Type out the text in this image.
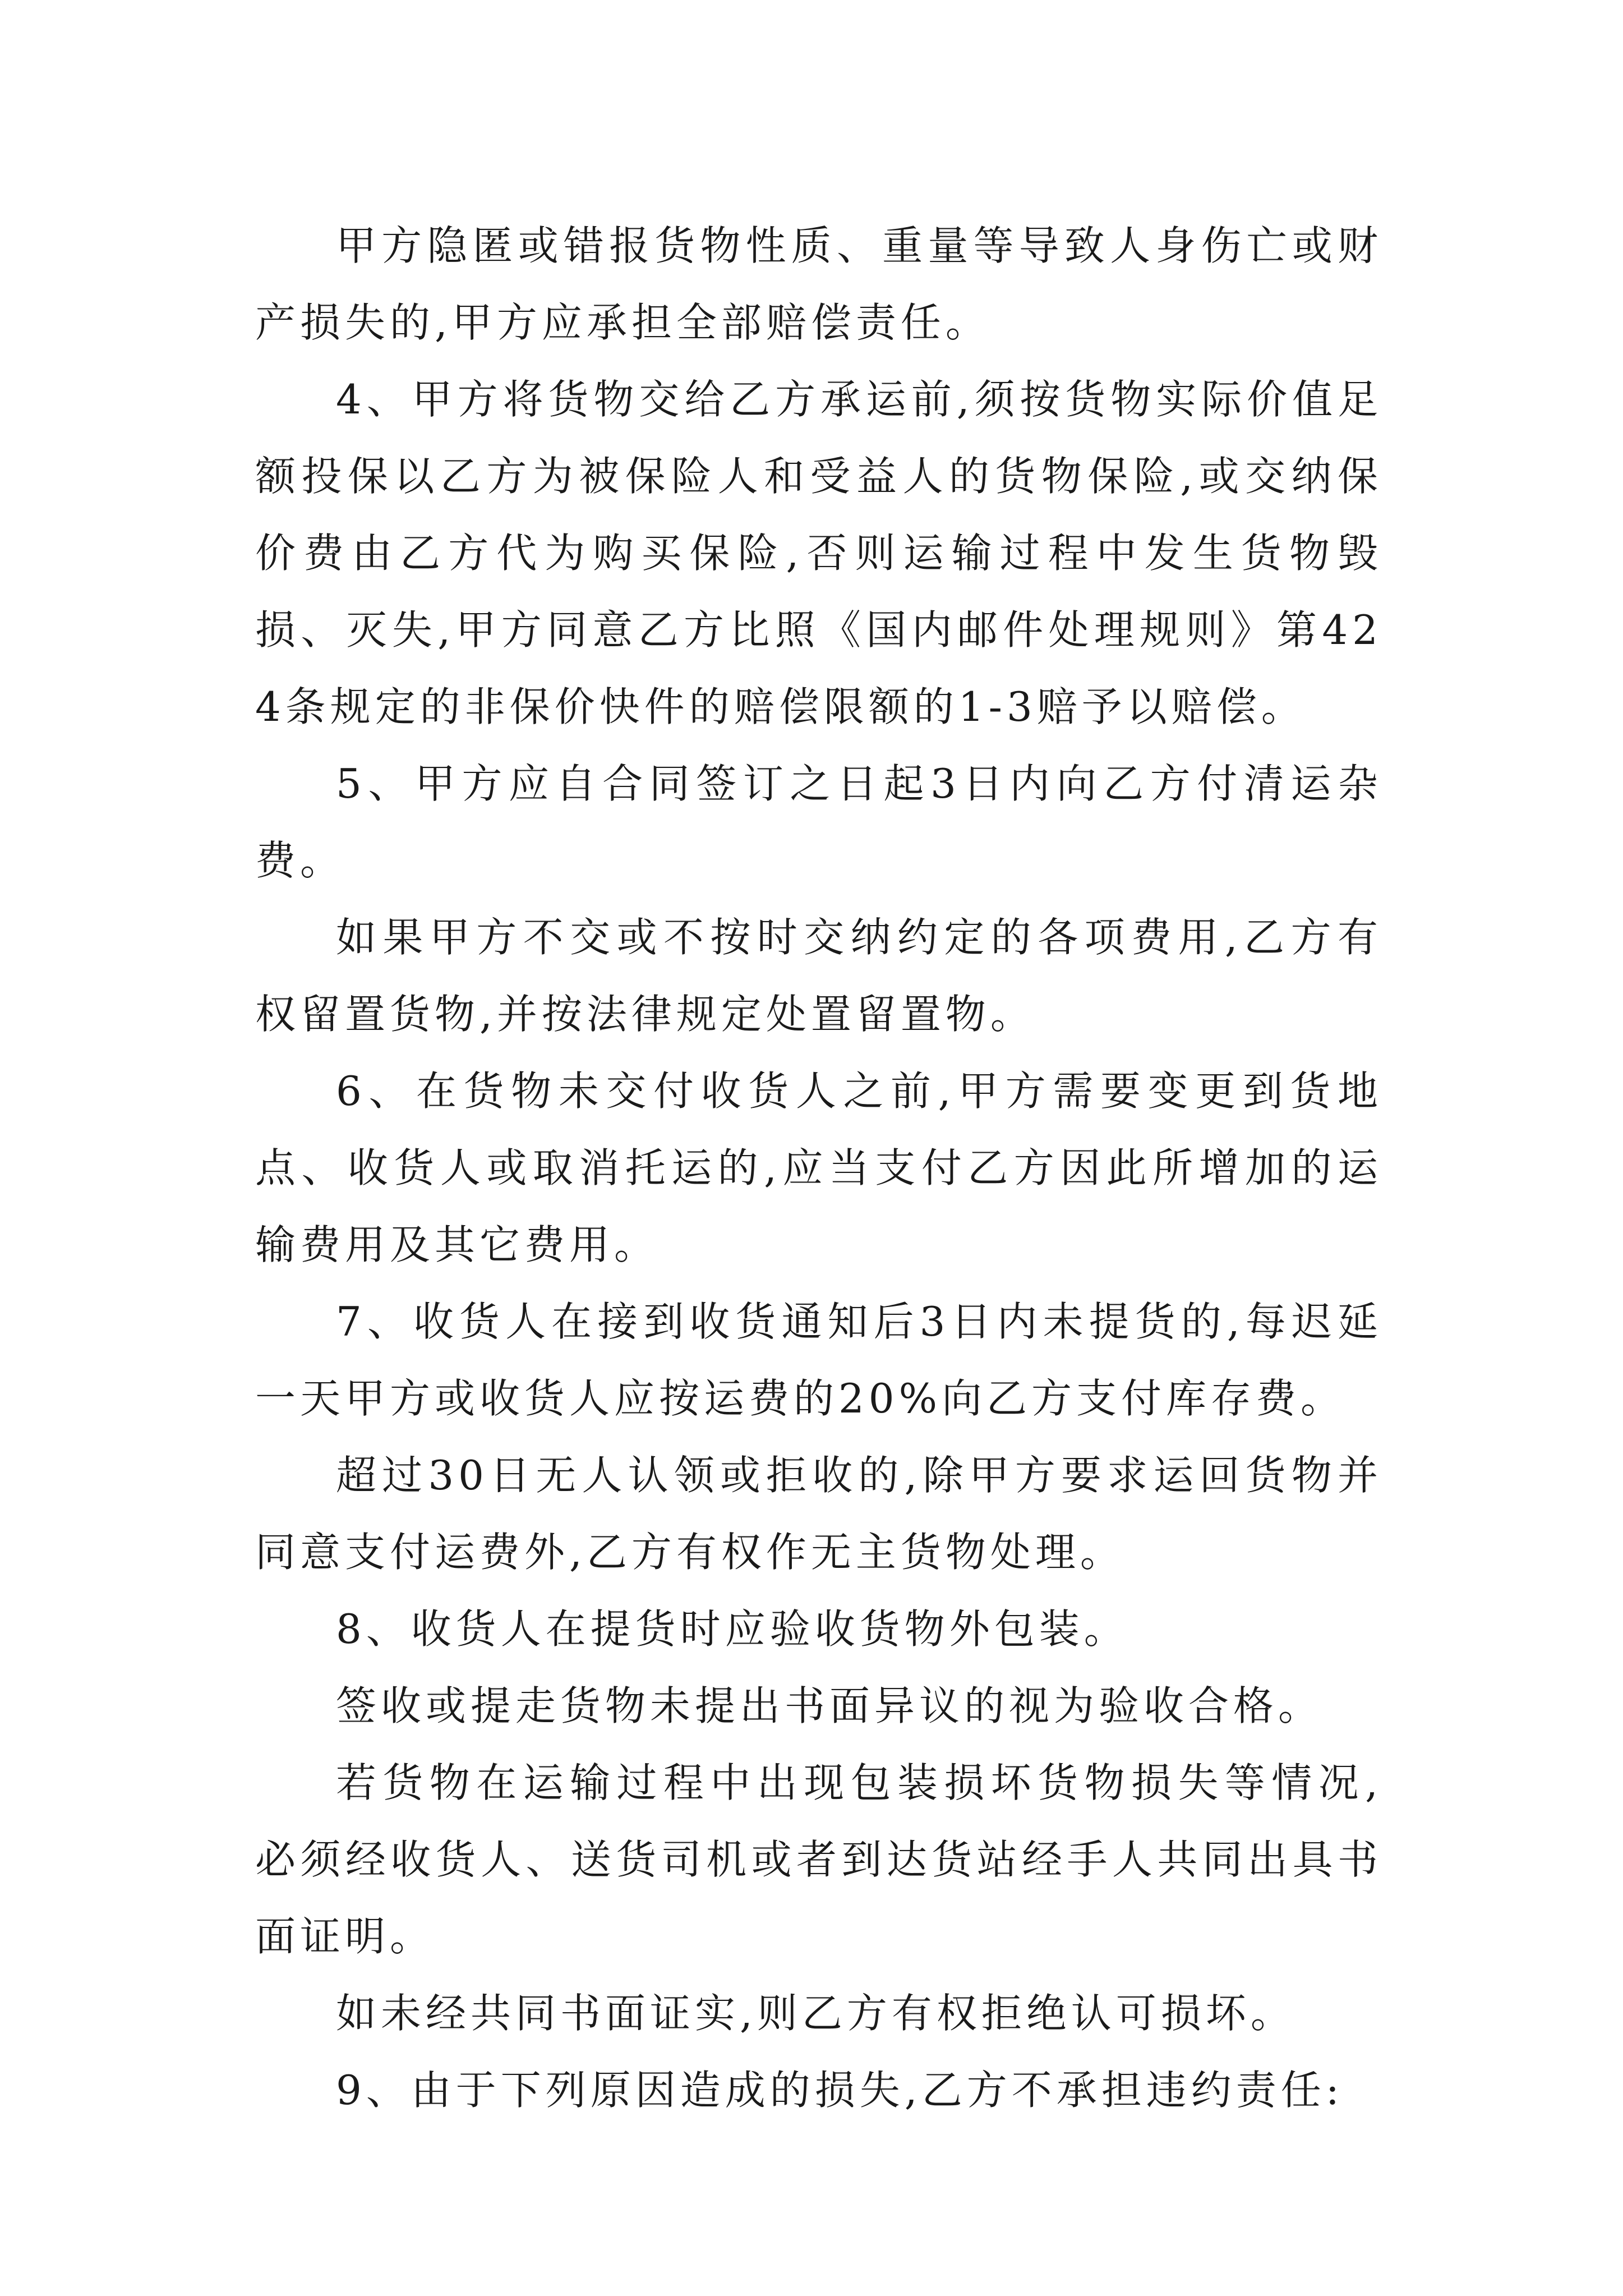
甲方隐匿或错报货物性质、重量等导致人身伤亡或财产损失的,甲方应承担全部赔偿责任。

4、甲方将货物交给乙方承运前,须按货物实际价值足额投保以乙方为被保险人和受益人的货物保险,或交纳保价费由乙方代为购买保险,否则运输过程中发生货物毁损、灭失,甲方同意乙方比照《国内邮件处理规则》第424条规定的非保价快件的赔偿限额的1-3赔予以赔偿。

5、甲方应自合同签订之日起3日内向乙方付清运杂费。

如果甲方不交或不按时交纳约定的各项费用,乙方有权留置货物,并按法律规定处置留置物。

6、在货物未交付收货人之前,甲方需要变更到货地点、收货人或取消托运的,应当支付乙方因此所增加的运输费用及其它费用。

7、收货人在接到收货通知后3日内未提货的,每迟延一天甲方或收货人应按运费的20%向乙方支付库存费。

超过30日无人认领或拒收的,除甲方要求运回货物并同意支付运费外,乙方有权作无主货物处理。

8、收货人在提货时应验收货物外包装。

签收或提走货物未提出书面异议的视为验收合格。

若货物在运输过程中出现包装损坏货物损失等情况,必须经收货人、送货司机或者到达货站经手人共同出具书面证明。

如未经共同书面证实,则乙方有权拒绝认可损坏。

9、由于下列原因造成的损失,乙方不承担违约责任:
